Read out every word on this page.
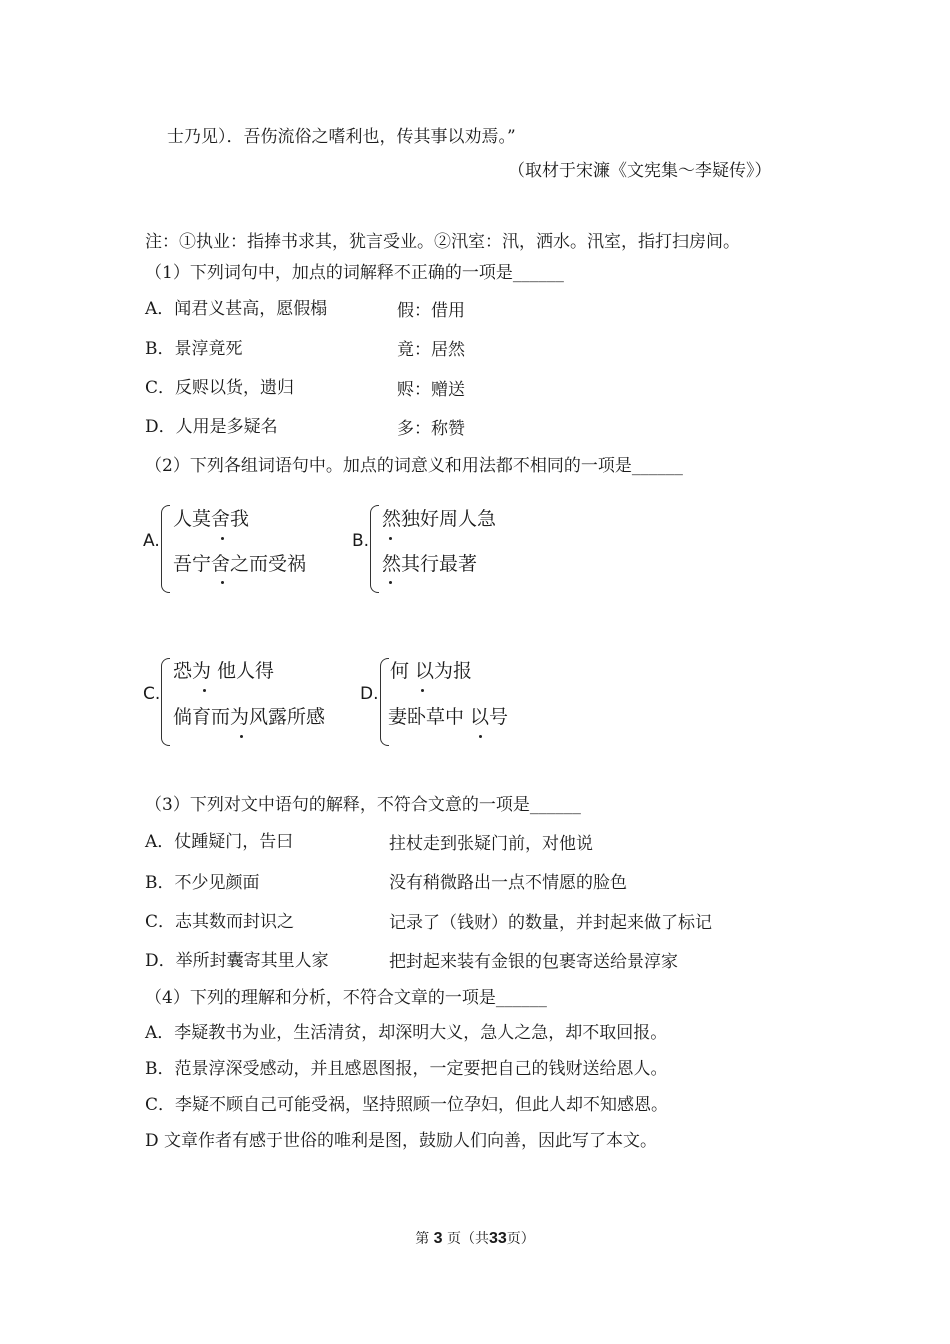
士乃见）．吾伤流俗之嗜利也，传其事以劝焉。”
（取材于宋濂《文宪集～李疑传》）
注：①执业：指捧书求其，犹言受业。②汛室：汛，洒水。汛室，指打扫房间。
（1）下列词句中，加点的词解释不正确的一项是______
A．闻君义甚高，愿假榻	假：借用
B．景淳竟死	竟：居然
C．反赆以货，遗归	赆：赠送
D．人用是多疑名	多：称赞
（2）下列各组词语句中。加点的词意义和用法都不相同的一项是______
A.
人莫舍我
吾宁舍之而受祸
B.
然独好周人急
然其行最著
C.
恐为 他人得
倘育而为风露所感
D.
何 以为报
妻卧草中 以号
（3）下列对文中语句的解释，不符合文意的一项是______
A．仗踵疑门，告曰	拄杖走到张疑门前，对他说
B．不少见颜面	没有稍微路出一点不情愿的脸色
C．志其数而封识之	记录了（钱财）的数量，并封起来做了标记
D．举所封囊寄其里人家	把封起来装有金银的包裹寄送给景淳家
（4）下列的理解和分析，不符合文章的一项是______
A．李疑教书为业，生活清贫，却深明大义，急人之急，却不取回报。
B．范景淳深受感动，并且感恩图报，一定要把自己的钱财送给恩人。
C．李疑不顾自己可能受祸，坚持照顾一位孕妇，但此人却不知感恩。
D 文章作者有感于世俗的唯利是图，鼓励人们向善，因此写了本文。
第 3 页（共33页）
